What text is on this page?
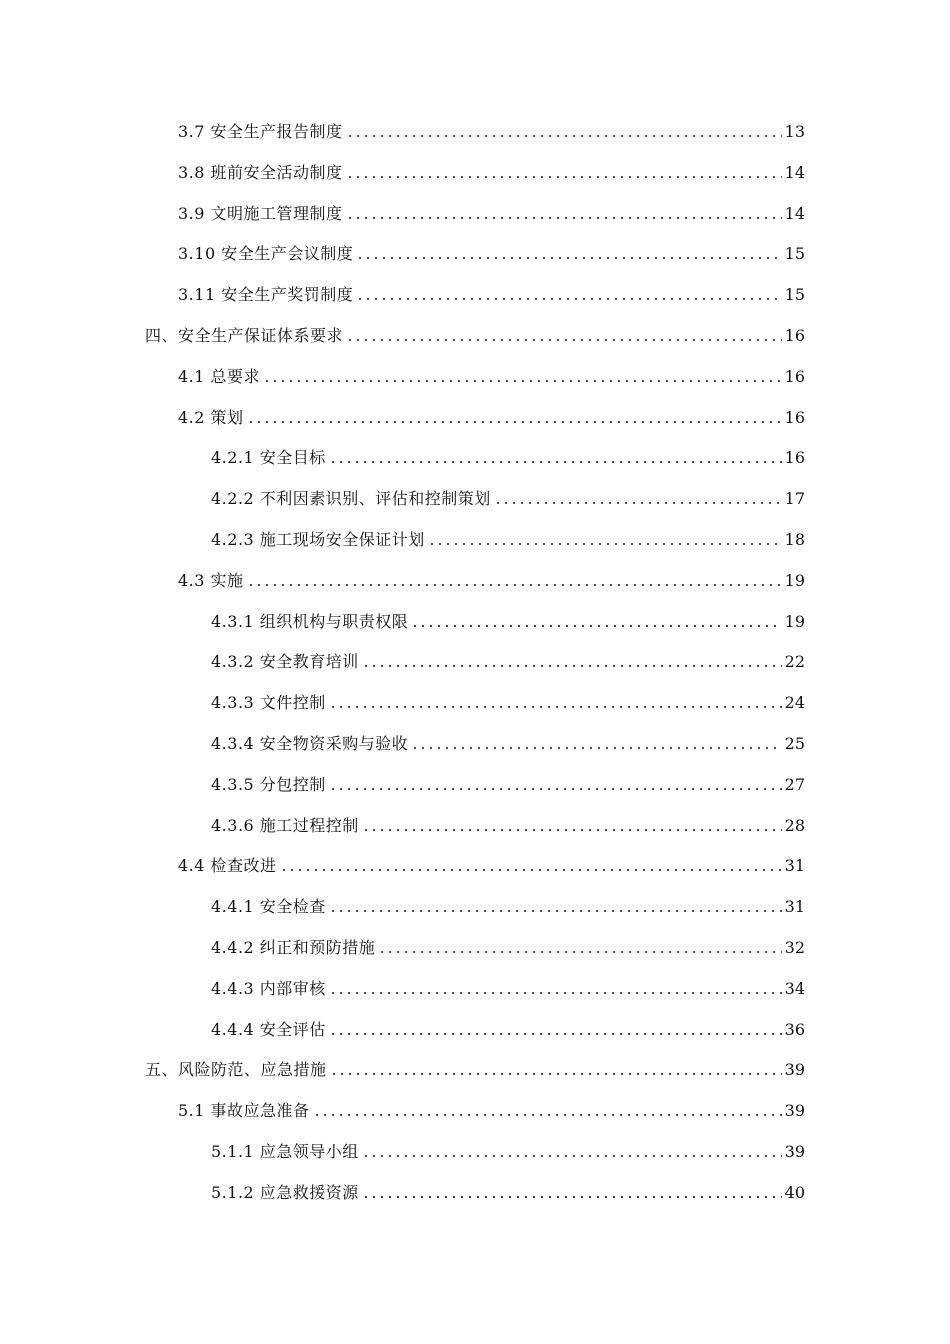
3.7 安全生产报告制度	13
3.8 班前安全活动制度	14
3.9 文明施工管理制度	14
3.10 安全生产会议制度	15
3.11 安全生产奖罚制度	15
四、安全生产保证体系要求	16
4.1 总要求	16
4.2 策划	16
4.2.1 安全目标	16
4.2.2 不利因素识别、评估和控制策划	17
4.2.3 施工现场安全保证计划	18
4.3 实施	19
4.3.1 组织机构与职责权限	19
4.3.2 安全教育培训	22
4.3.3 文件控制	24
4.3.4 安全物资采购与验收	25
4.3.5 分包控制	27
4.3.6 施工过程控制	28
4.4 检查改进	31
4.4.1 安全检查	31
4.4.2 纠正和预防措施	32
4.4.3 内部审核	34
4.4.4 安全评估	36
五、风险防范、应急措施	39
5.1 事故应急准备	39
5.1.1 应急领导小组	39
5.1.2 应急救援资源	40
